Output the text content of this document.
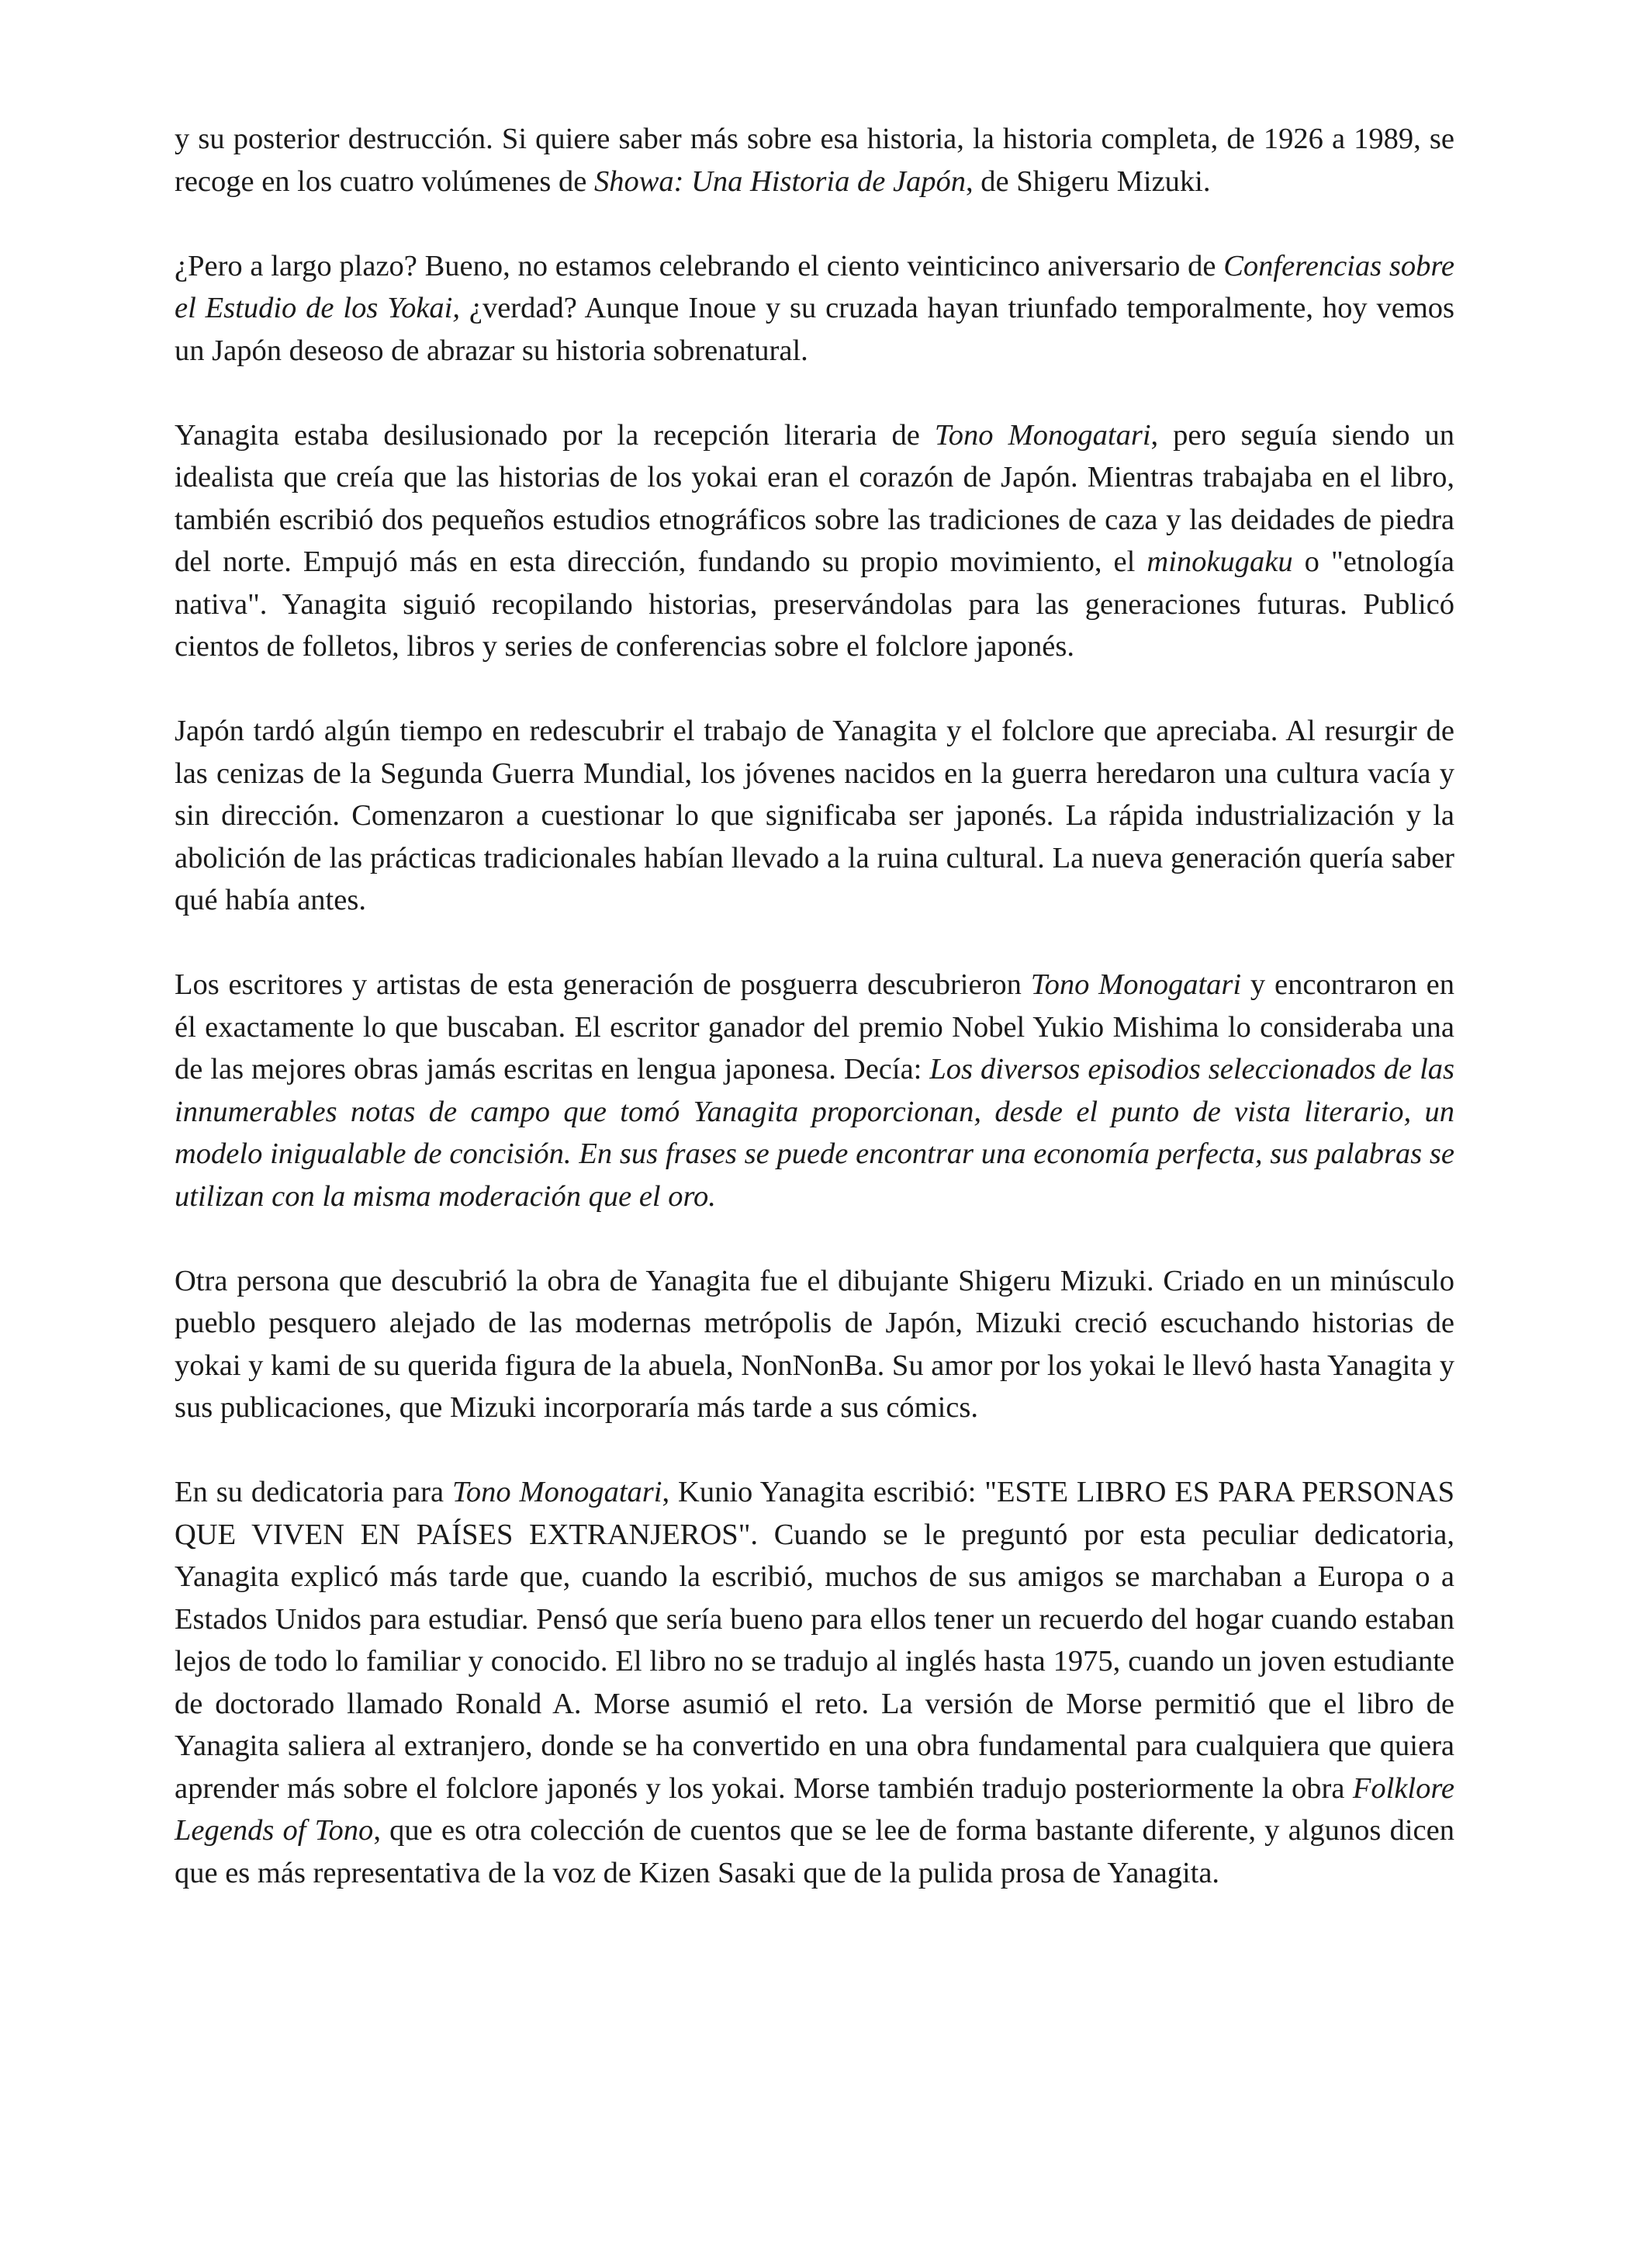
y su posterior destrucción. Si quiere saber más sobre esa historia, la historia completa, de 1926 a 1989, se recoge en los cuatro volúmenes de Showa: Una Historia de Japón, de Shigeru Mizuki.

¿Pero a largo plazo? Bueno, no estamos celebrando el ciento veinticinco aniversario de Conferencias sobre el Estudio de los Yokai, ¿verdad? Aunque Inoue y su cruzada hayan triunfado temporalmente, hoy vemos un Japón deseoso de abrazar su historia sobrenatural.

Yanagita estaba desilusionado por la recepción literaria de Tono Monogatari, pero seguía siendo un idealista que creía que las historias de los yokai eran el corazón de Japón. Mientras trabajaba en el libro, también escribió dos pequeños estudios etnográficos sobre las tradiciones de caza y las deidades de piedra del norte. Empujó más en esta dirección, fundando su propio movimiento, el minokugaku o "etnología nativa". Yanagita siguió recopilando historias, preservándolas para las generaciones futuras. Publicó cientos de folletos, libros y series de conferencias sobre el folclore japonés.

Japón tardó algún tiempo en redescubrir el trabajo de Yanagita y el folclore que apreciaba. Al resurgir de las cenizas de la Segunda Guerra Mundial, los jóvenes nacidos en la guerra heredaron una cultura vacía y sin dirección. Comenzaron a cuestionar lo que significaba ser japonés. La rápida industrialización y la abolición de las prácticas tradicionales habían llevado a la ruina cultural. La nueva generación quería saber qué había antes.

Los escritores y artistas de esta generación de posguerra descubrieron Tono Monogatari y encontraron en él exactamente lo que buscaban. El escritor ganador del premio Nobel Yukio Mishima lo consideraba una de las mejores obras jamás escritas en lengua japonesa. Decía: Los diversos episodios seleccionados de las innumerables notas de campo que tomó Yanagita proporcionan, desde el punto de vista literario, un modelo inigualable de concisión. En sus frases se puede encontrar una economía perfecta, sus palabras se utilizan con la misma moderación que el oro.

Otra persona que descubrió la obra de Yanagita fue el dibujante Shigeru Mizuki. Criado en un minúsculo pueblo pesquero alejado de las modernas metrópolis de Japón, Mizuki creció escuchando historias de yokai y kami de su querida figura de la abuela, NonNonBa. Su amor por los yokai le llevó hasta Yanagita y sus publicaciones, que Mizuki incorporaría más tarde a sus cómics.

En su dedicatoria para Tono Monogatari, Kunio Yanagita escribió: "ESTE LIBRO ES PARA PERSONAS QUE VIVEN EN PAÍSES EXTRANJEROS". Cuando se le preguntó por esta peculiar dedicatoria, Yanagita explicó más tarde que, cuando la escribió, muchos de sus amigos se marchaban a Europa o a Estados Unidos para estudiar. Pensó que sería bueno para ellos tener un recuerdo del hogar cuando estaban lejos de todo lo familiar y conocido. El libro no se tradujo al inglés hasta 1975, cuando un joven estudiante de doctorado llamado Ronald A. Morse asumió el reto. La versión de Morse permitió que el libro de Yanagita saliera al extranjero, donde se ha convertido en una obra fundamental para cualquiera que quiera aprender más sobre el folclore japonés y los yokai. Morse también tradujo posteriormente la obra Folklore Legends of Tono, que es otra colección de cuentos que se lee de forma bastante diferente, y algunos dicen que es más representativa de la voz de Kizen Sasaki que de la pulida prosa de Yanagita.
